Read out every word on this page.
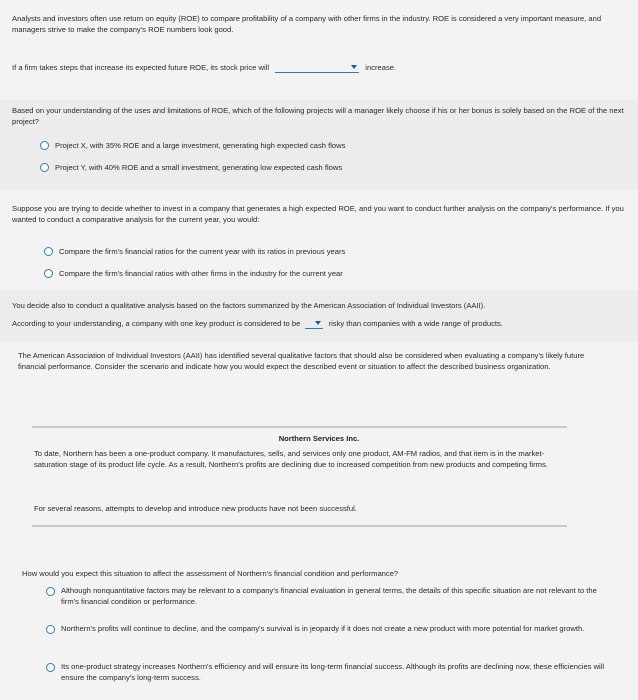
Analysts and investors often use return on equity (ROE) to compare profitability of a company with other firms in the industry. ROE is considered a very important measure, and managers strive to make the company's ROE numbers look good.

If a firm takes steps that increase its expected future ROE, its stock price will	increase.

Based on your understanding of the uses and limitations of ROE, which of the following projects will a manager likely choose if his or her bonus is solely based on the ROE of the next project?

Project X, with 35% ROE and a large investment, generating high expected cash flows
Project Y, with 40% ROE and a small investment, generating low expected cash flows

Suppose you are trying to decide whether to invest in a company that generates a high expected ROE, and you want to conduct further analysis on the company's performance. If you wanted to conduct a comparative analysis for the current year, you would:

Compare the firm's financial ratios for the current year with its ratios in previous years
Compare the firm's financial ratios with other firms in the industry for the current year

You decide also to conduct a qualitative analysis based on the factors summarized by the American Association of Individual Investors (AAII).

According to your understanding, a company with one key product is considered to be	risky than companies with a wide range of products.

The American Association of Individual Investors (AAII) has identified several qualitative factors that should also be considered when evaluating a company's likely future financial performance. Consider the scenario and indicate how you would expect the described event or situation to affect the described business organization.

Northern Services Inc.

To date, Northern has been a one-product company. It manufactures, sells, and services only one product, AM-FM radios, and that item is in the market-saturation stage of its product life cycle. As a result, Northern's profits are declining due to increased competition from new products and competing firms.

For several reasons, attempts to develop and introduce new products have not been successful.

How would you expect this situation to affect the assessment of Northern's financial condition and performance?

Although nonquantitative factors may be relevant to a company's financial evaluation in general terms, the details of this specific situation are not relevant to the firm's financial condition or performance.
Northern's profits will continue to decline, and the company's survival is in jeopardy if it does not create a new product with more potential for market growth.
Its one-product strategy increases Northern's efficiency and will ensure its long-term financial success. Although its profits are declining now, these efficiencies will ensure the company's long-term success.
